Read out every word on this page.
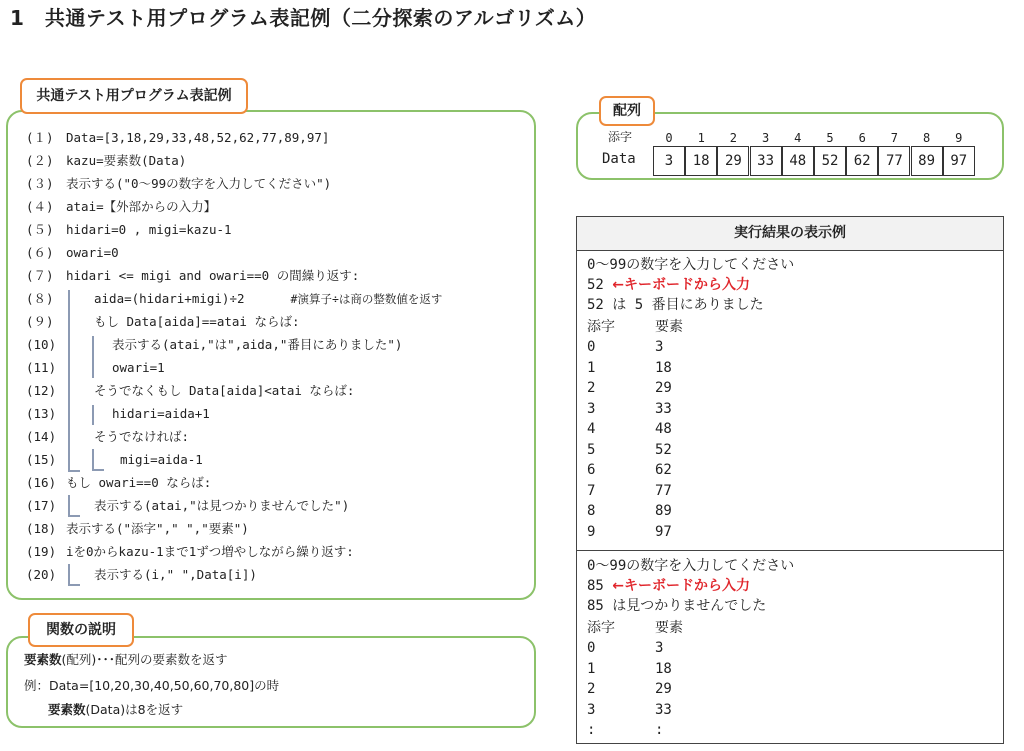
1　共通テスト用プログラム表記例（二分探索のアルゴリズム）
(１) Data=[3,18,29,33,48,52,62,77,89,97]
(２) kazu=要素数(Data)
(３) 表示する("0～99の数字を入力してください")
(４) atai=【外部からの入力】
(５) hidari=0 , migi=kazu-1
(６) owari=0
(７) hidari <= migi and owari==0 の間繰り返す:
(８)	aida=(hidari+migi)÷2	#演算子÷は商の整数値を返す
(９)	もし Data[aida]==atai ならば:
(10)	表示する(atai,"は",aida,"番目にありました")
(11)	owari=1
(12)	そうでなくもし Data[aida]<atai ならば:
(13)	hidari=aida+1
(14)	そうでなければ:
(15)	migi=aida-1
(16) もし owari==0 ならば:
(17)	表示する(atai,"は見つかりませんでした")
(18) 表示する("添字"," ","要素")
(19) iを0からkazu-1まで1ずつ増やしながら繰り返す:
(20)	表示する(i," ",Data[i])
共通テスト用プログラム表記例
要素数(配列)･･･配列の要素数を返す
例：Data=[10,20,30,40,50,60,70,80]の時
要素数(Data)は8を返す
関数の説明
配列
添字
Data
0	1	2	3	4	5	6	7	8	9
3	18	29	33	48	52	62	77	89	97
実行結果の表示例
0～99の数字を入力してください
52 ←キーボードから入力
52 は 5 番目にありました
添字	要素
0	3
1	18
2	29
3	33
4	48
5	52
6	62
7	77
8	89
9	97
0～99の数字を入力してください
85 ←キーボードから入力
85 は見つかりませんでした
添字	要素
0	3
1	18
2	29
3	33
:	:
